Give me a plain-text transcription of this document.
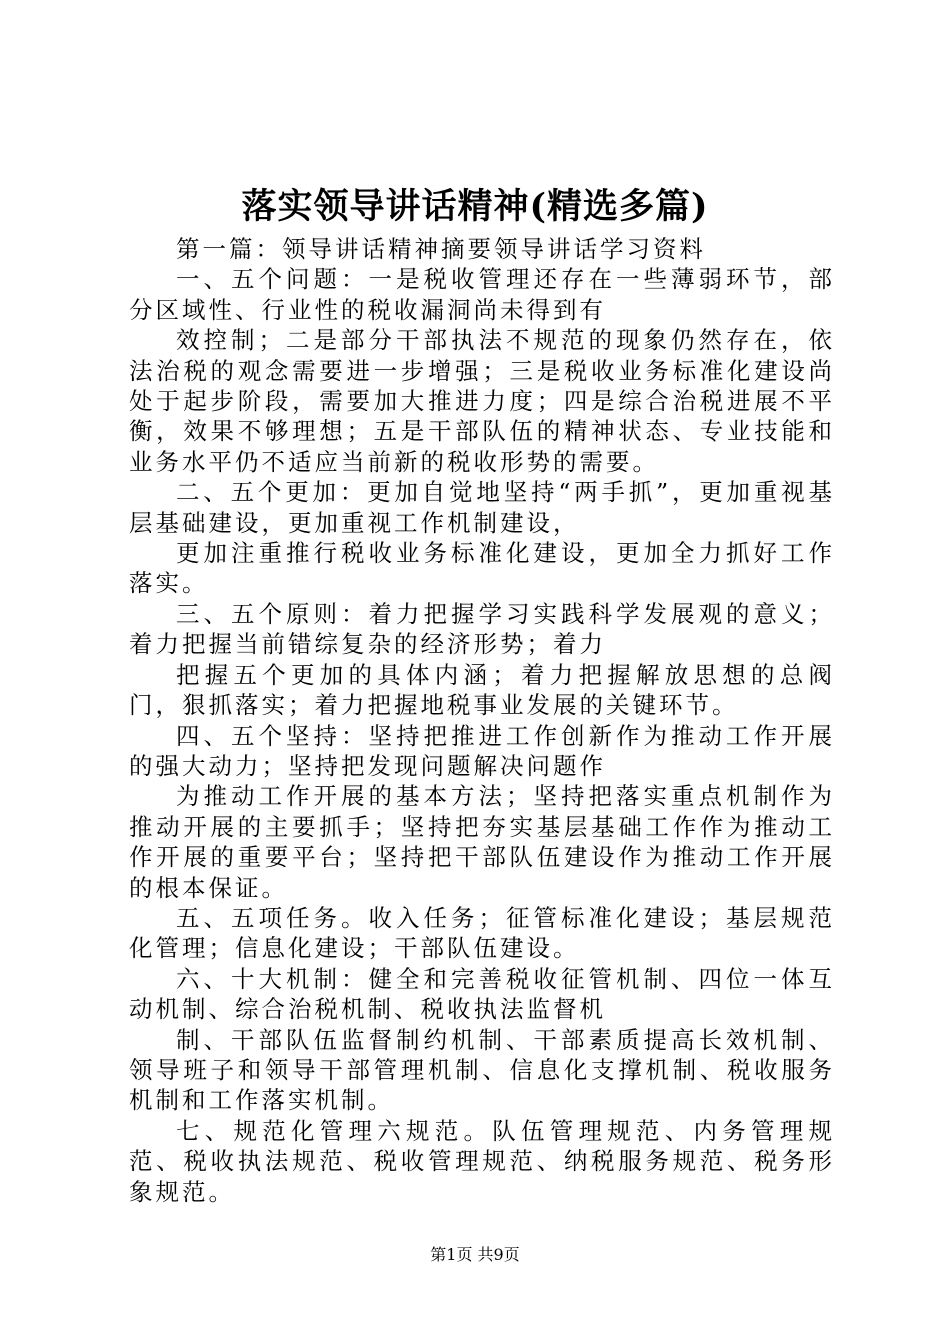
落实领导讲话精神(精选多篇)

第一篇：领导讲话精神摘要领导讲话学习资料

一、五个问题：一是税收管理还存在一些薄弱环节，部分区域性、行业性的税收漏洞尚未得到有

效控制；二是部分干部执法不规范的现象仍然存在，依法治税的观念需要进一步增强；三是税收业务标准化建设尚处于起步阶段，需要加大推进力度；四是综合治税进展不平衡，效果不够理想；五是干部队伍的精神状态、专业技能和业务水平仍不适应当前新的税收形势的需要。

二、五个更加：更加自觉地坚持“两手抓”，更加重视基层基础建设，更加重视工作机制建设，

更加注重推行税收业务标准化建设，更加全力抓好工作落实。

三、五个原则：着力把握学习实践科学发展观的意义；着力把握当前错综复杂的经济形势；着力

把握五个更加的具体内涵；着力把握解放思想的总阀门，狠抓落实；着力把握地税事业发展的关键环节。

四、五个坚持：坚持把推进工作创新作为推动工作开展的强大动力；坚持把发现问题解决问题作

为推动工作开展的基本方法；坚持把落实重点机制作为推动开展的主要抓手；坚持把夯实基层基础工作作为推动工作开展的重要平台；坚持把干部队伍建设作为推动工作开展的根本保证。

五、五项任务。收入任务；征管标准化建设；基层规范化管理；信息化建设；干部队伍建设。

六、十大机制：健全和完善税收征管机制、四位一体互动机制、综合治税机制、税收执法监督机

制、干部队伍监督制约机制、干部素质提高长效机制、领导班子和领导干部管理机制、信息化支撑机制、税收服务机制和工作落实机制。

七、规范化管理六规范。队伍管理规范、内务管理规范、税收执法规范、税收管理规范、纳税服务规范、税务形象规范。

第1页 共9页
